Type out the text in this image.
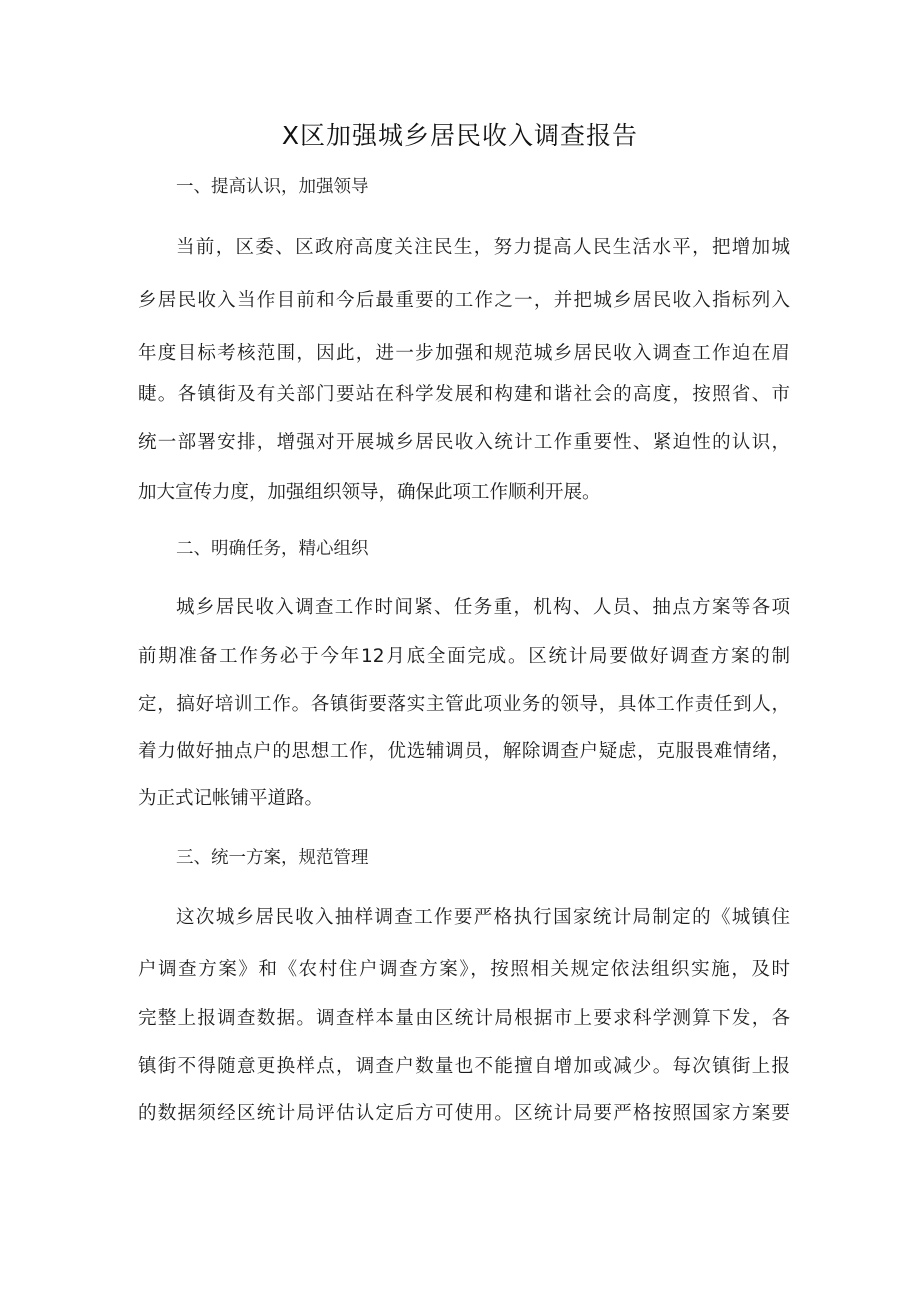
X区加强城乡居民收入调查报告
一、提高认识，加强领导
当前，区委、区政府高度关注民生，努力提高人民生活水平，把增加城
乡居民收入当作目前和今后最重要的工作之一，并把城乡居民收入指标列入
年度目标考核范围，因此，进一步加强和规范城乡居民收入调查工作迫在眉
睫。各镇街及有关部门要站在科学发展和构建和谐社会的高度，按照省、市
统一部署安排，增强对开展城乡居民收入统计工作重要性、紧迫性的认识，
加大宣传力度，加强组织领导，确保此项工作顺利开展。
二、明确任务，精心组织
城乡居民收入调查工作时间紧、任务重，机构、人员、抽点方案等各项
前期准备工作务必于今年12月底全面完成。区统计局要做好调查方案的制
定，搞好培训工作。各镇街要落实主管此项业务的领导，具体工作责任到人，
着力做好抽点户的思想工作，优选辅调员，解除调查户疑虑，克服畏难情绪，
为正式记帐铺平道路。
三、统一方案，规范管理
这次城乡居民收入抽样调查工作要严格执行国家统计局制定的《城镇住
户调查方案》和《农村住户调查方案》，按照相关规定依法组织实施，及时
完整上报调查数据。调查样本量由区统计局根据市上要求科学测算下发，各
镇街不得随意更换样点，调查户数量也不能擅自增加或减少。每次镇街上报
的数据须经区统计局评估认定后方可使用。区统计局要严格按照国家方案要
